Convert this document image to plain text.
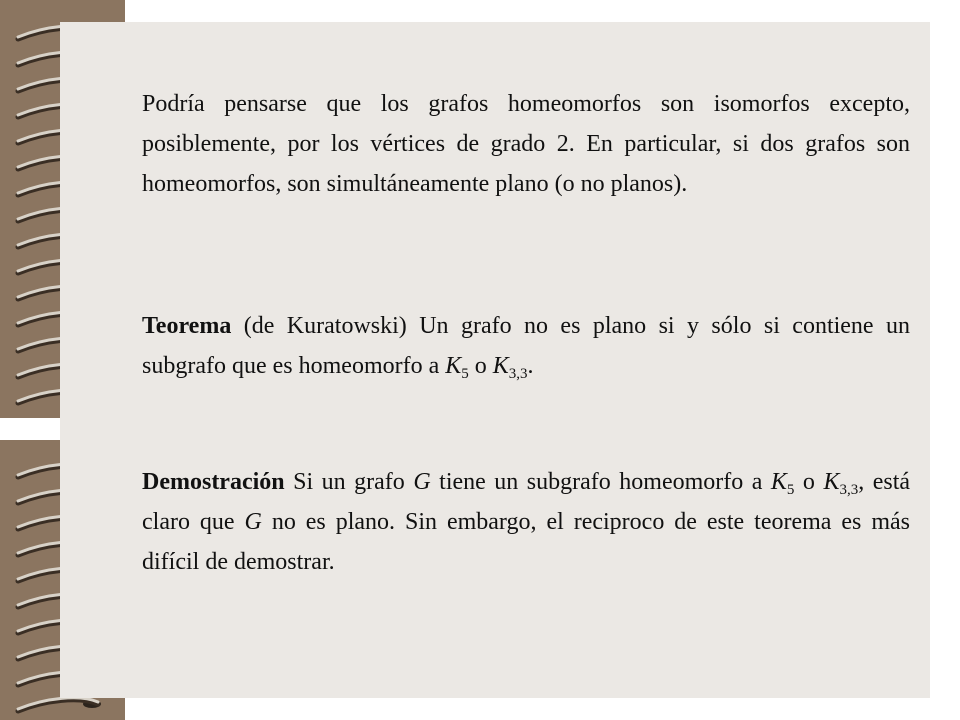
Podría pensarse que los grafos homeomorfos son isomorfos excepto, posiblemente, por los vértices de grado 2. En particular, si dos grafos son homeomorfos, son simultáneamente plano (o no planos).

Teorema (de Kuratowski) Un grafo no es plano si y sólo si contiene un subgrafo que es homeomorfo a $K_5$ o $K_{3,3}$.

Demostración Si un grafo G tiene un subgrafo homeomorfo a $K_5$ o $K_{3,3}$, está claro que G no es plano. Sin embargo, el reciproco de este teorema es más difícil de demostrar.
